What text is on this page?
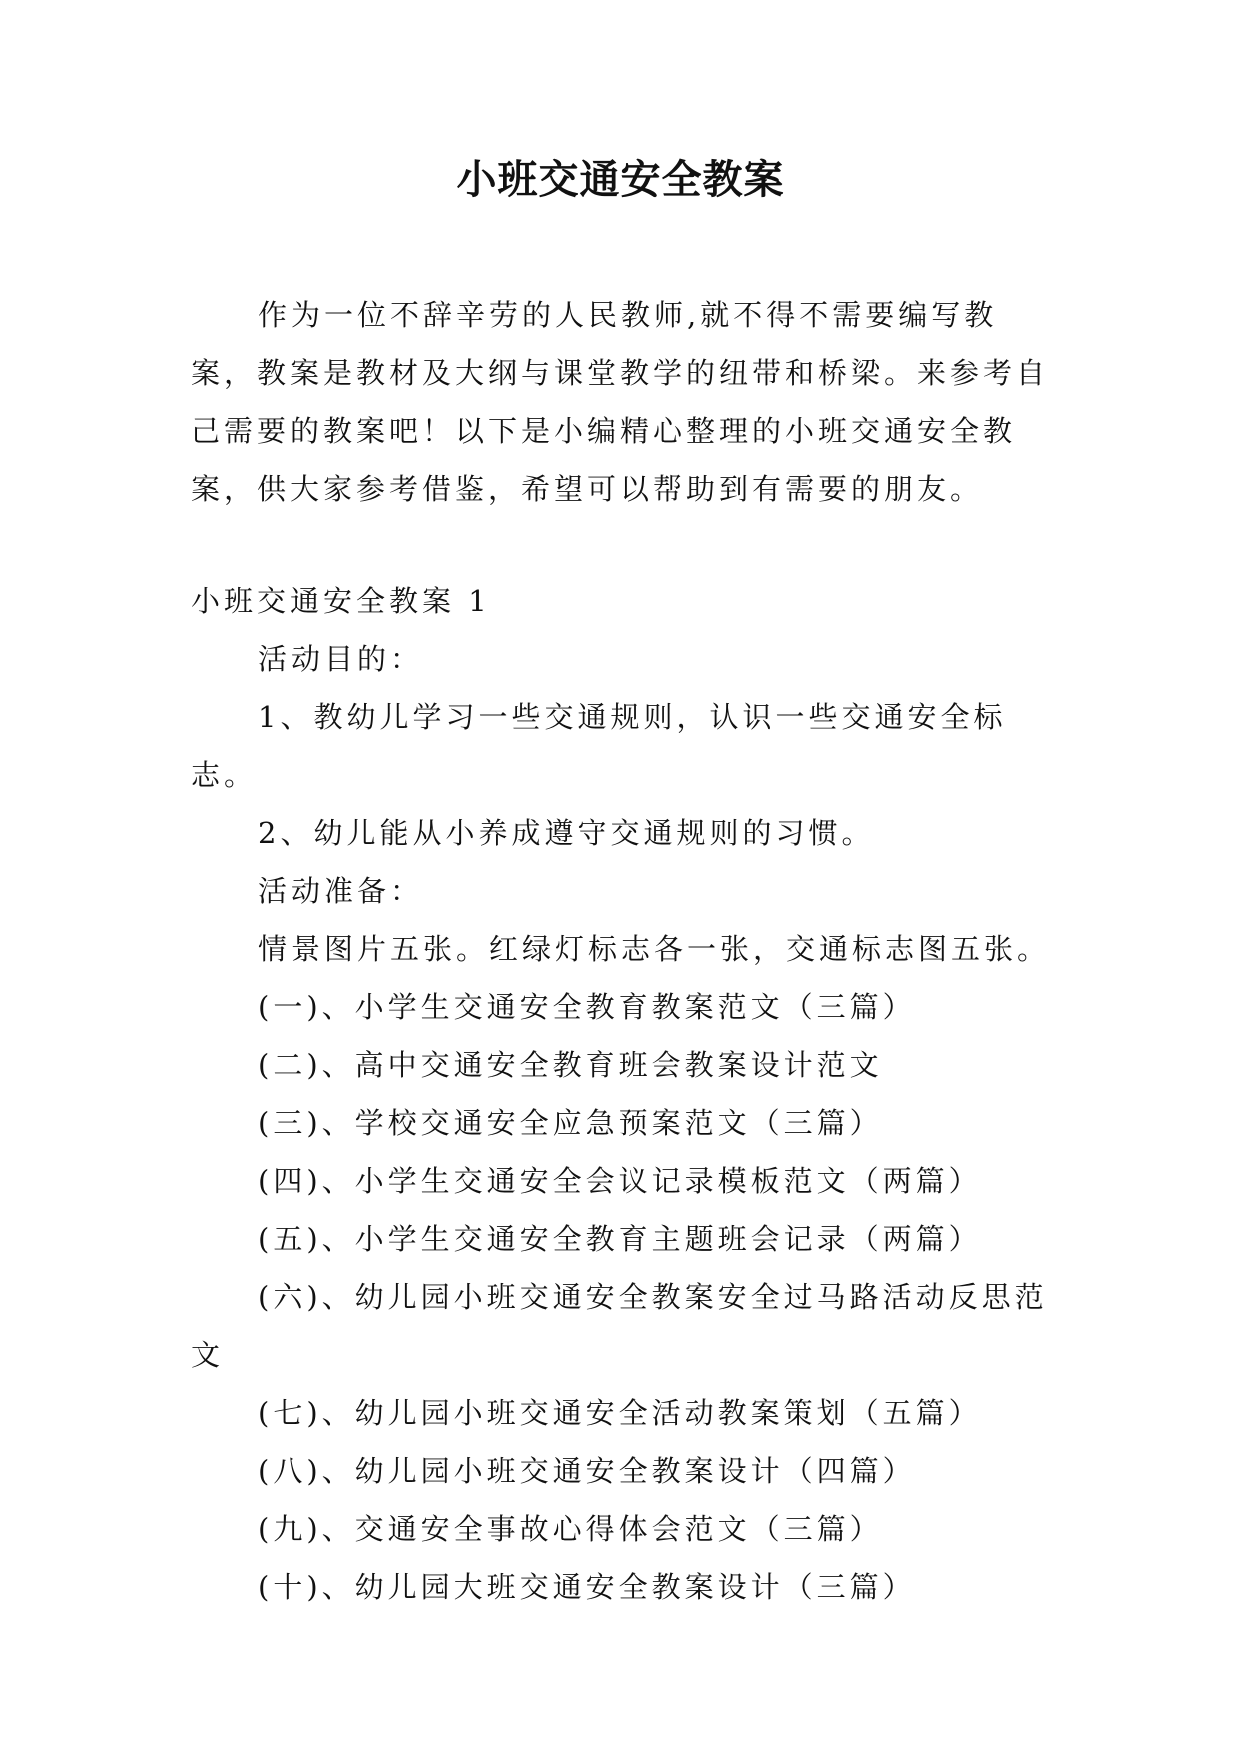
小班交通安全教案

作为一位不辞辛劳的人民教师,就不得不需要编写教案，教案是教材及大纲与课堂教学的纽带和桥梁。来参考自己需要的教案吧！以下是小编精心整理的小班交通安全教案，供大家参考借鉴，希望可以帮助到有需要的朋友。

小班交通安全教案 1

活动目的：

1、教幼儿学习一些交通规则，认识一些交通安全标志。

2、幼儿能从小养成遵守交通规则的习惯。

活动准备：

情景图片五张。红绿灯标志各一张，交通标志图五张。

(一)、小学生交通安全教育教案范文（三篇）

(二)、高中交通安全教育班会教案设计范文

(三)、学校交通安全应急预案范文（三篇）

(四)、小学生交通安全会议记录模板范文（两篇）

(五)、小学生交通安全教育主题班会记录（两篇）

(六)、幼儿园小班交通安全教案安全过马路活动反思范文

(七)、幼儿园小班交通安全活动教案策划（五篇）

(八)、幼儿园小班交通安全教案设计（四篇）

(九)、交通安全事故心得体会范文（三篇）

(十)、幼儿园大班交通安全教案设计（三篇）
